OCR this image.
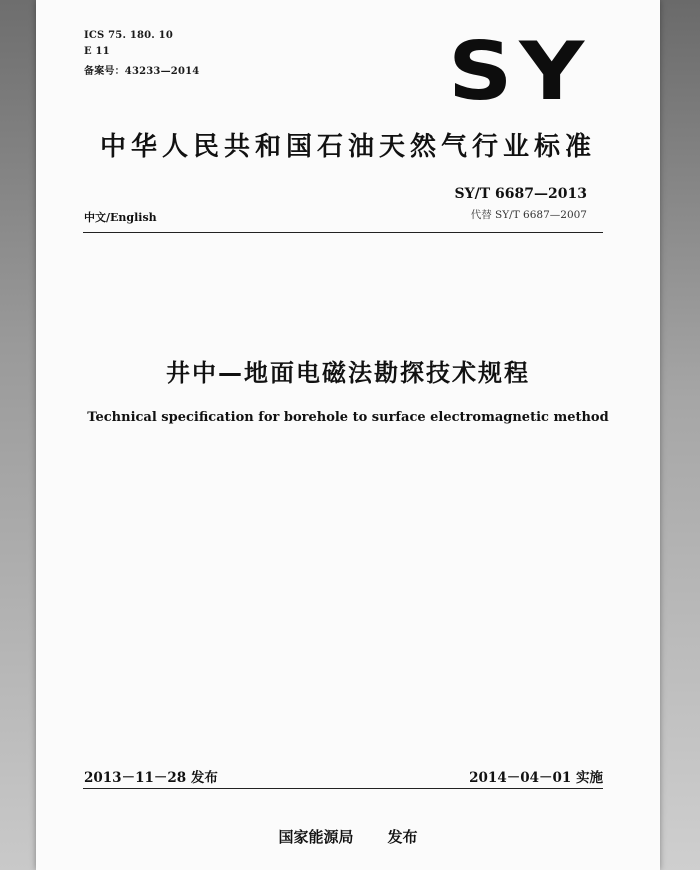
ICS 75. 180. 10
E 11
备案号：43233—2014	SY
中华人民共和国石油天然气行业标准
SY/T 6687—2013
代替 SY/T 6687—2007
中文/English
井中—地面电磁法勘探技术规程
Technical specification for borehole to surface electromagnetic method
2013－11－28 发布	2014－04－01 实施
国家能源局 发布
